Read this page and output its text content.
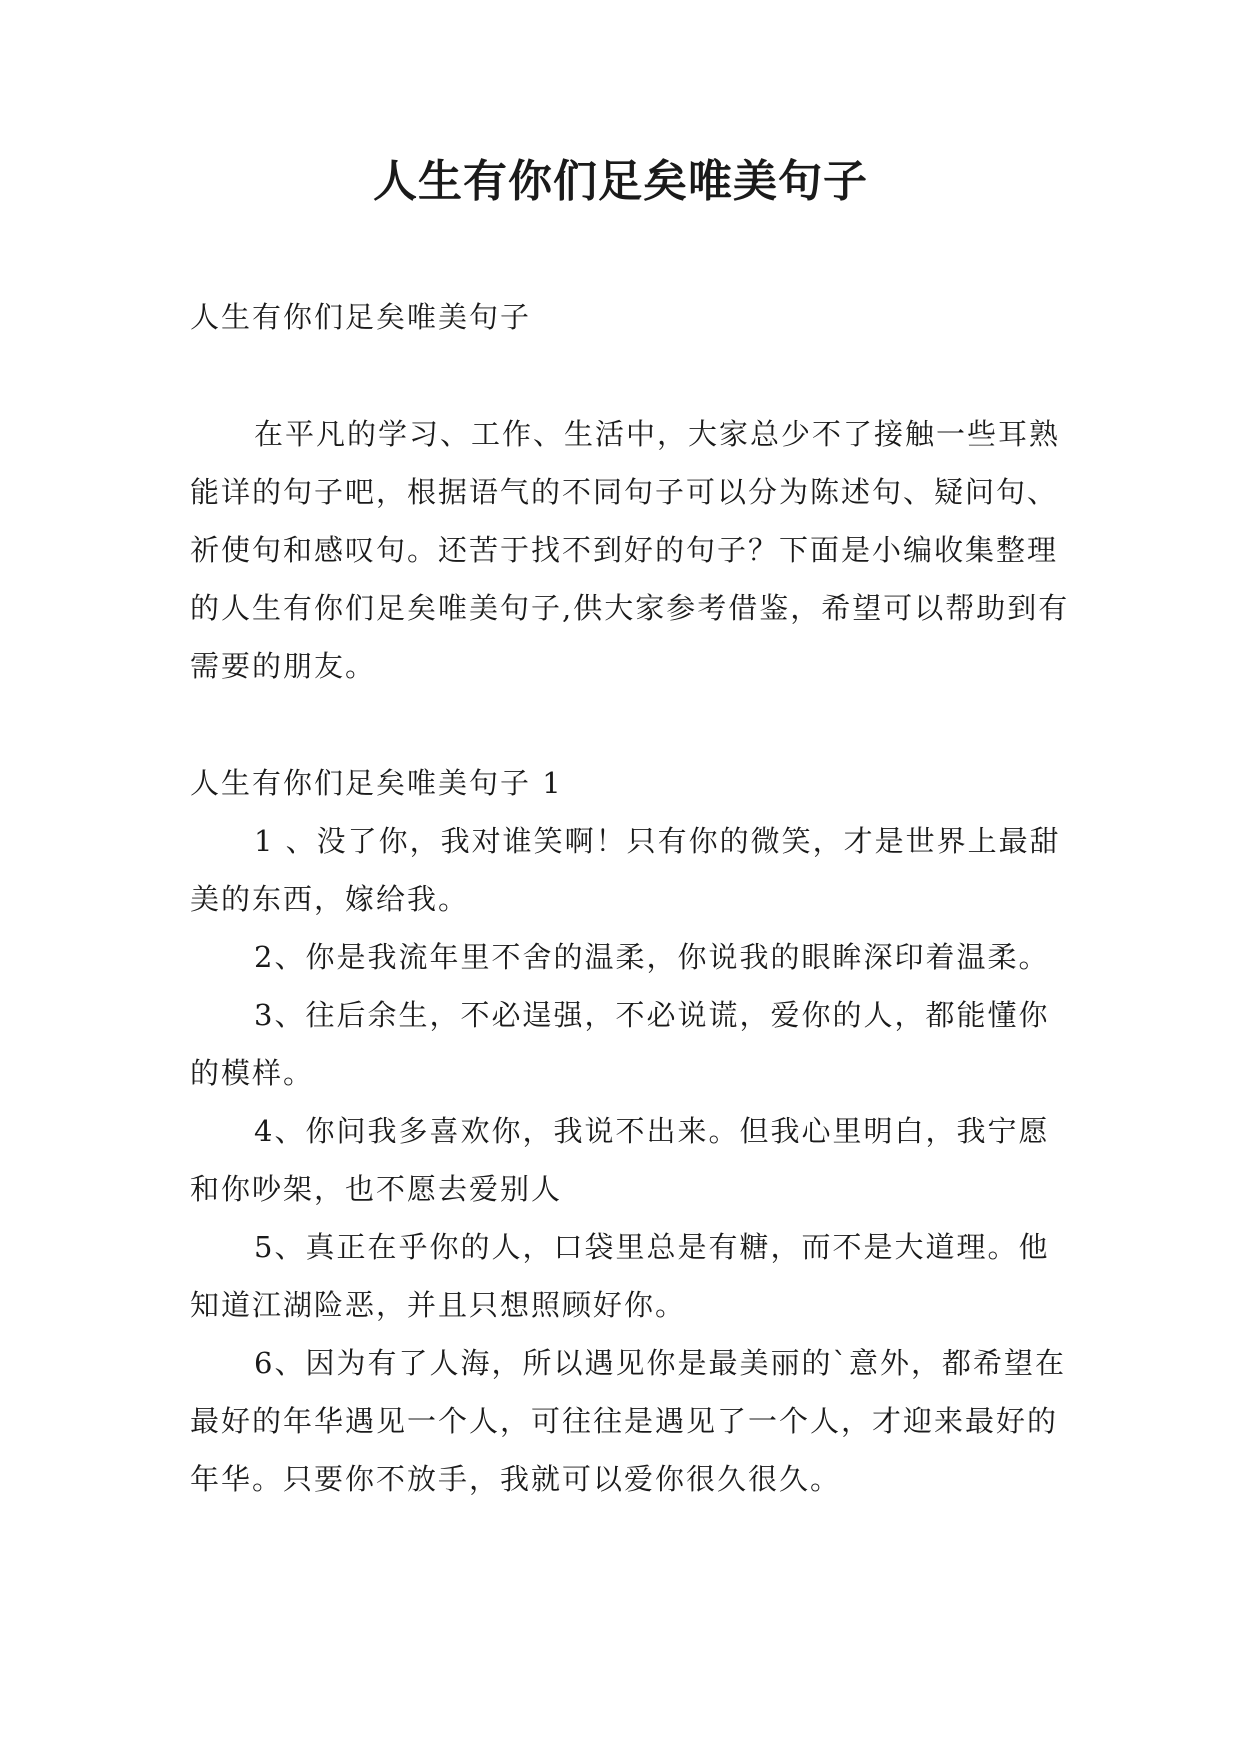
人生有你们足矣唯美句子

人生有你们足矣唯美句子

在平凡的学习、工作、生活中，大家总少不了接触一些耳熟能详的句子吧，根据语气的不同句子可以分为陈述句、疑问句、祈使句和感叹句。还苦于找不到好的句子？下面是小编收集整理的人生有你们足矣唯美句子,供大家参考借鉴，希望可以帮助到有需要的朋友。

人生有你们足矣唯美句子 1

1 、没了你，我对谁笑啊！只有你的微笑，才是世界上最甜美的东西，嫁给我。

2、你是我流年里不舍的温柔，你说我的眼眸深印着温柔。

3、往后余生，不必逞强，不必说谎，爱你的人，都能懂你的模样。

4、你问我多喜欢你，我说不出来。但我心里明白，我宁愿和你吵架，也不愿去爱别人

5、真正在乎你的人，口袋里总是有糖，而不是大道理。他知道江湖险恶，并且只想照顾好你。

6、因为有了人海，所以遇见你是最美丽的`意外，都希望在最好的年华遇见一个人，可往往是遇见了一个人，才迎来最好的年华。只要你不放手，我就可以爱你很久很久。
